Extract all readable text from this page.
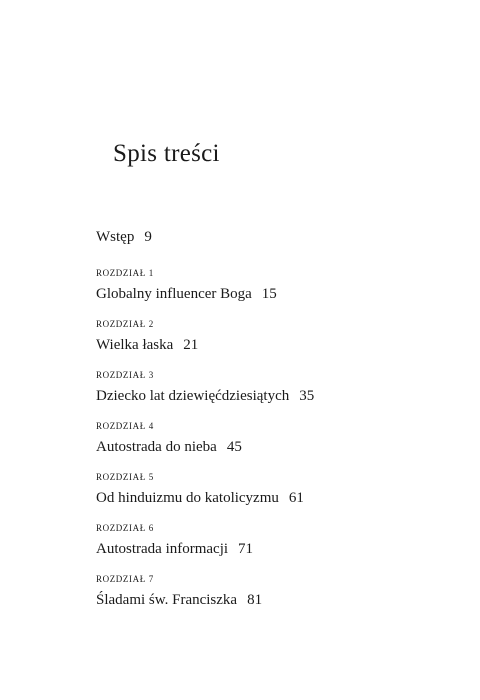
Spis treści
Wstęp 9
ROZDZIAŁ 1
Globalny influencer Boga 15
ROZDZIAŁ 2
Wielka łaska 21
ROZDZIAŁ 3
Dziecko lat dziewięćdziesiątych 35
ROZDZIAŁ 4
Autostrada do nieba 45
ROZDZIAŁ 5
Od hinduizmu do katolicyzmu 61
ROZDZIAŁ 6
Autostrada informacji 71
ROZDZIAŁ 7
Śladami św. Franciszka 81
